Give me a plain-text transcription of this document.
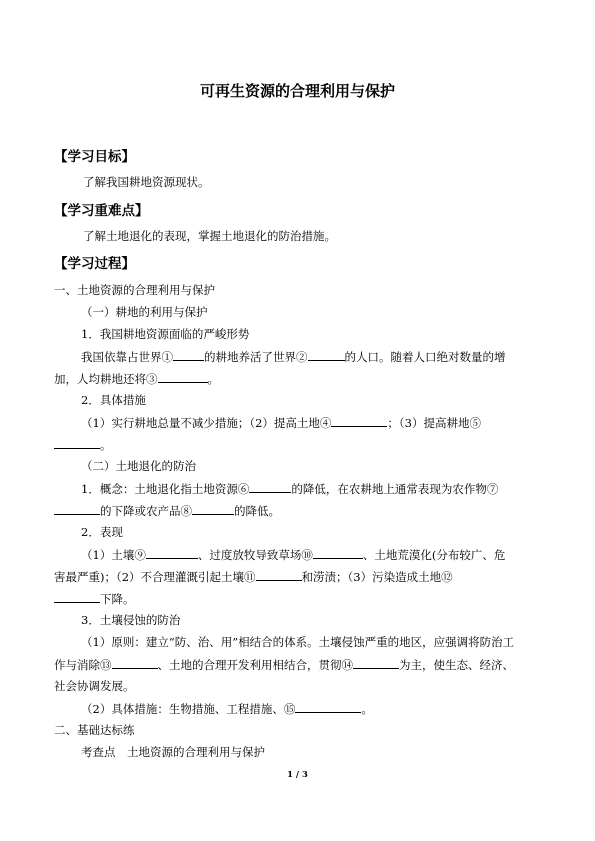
可再生资源的合理利用与保护
【学习目标】
了解我国耕地资源现状。
【学习重难点】
了解土地退化的表现，掌握土地退化的防治措施。
【学习过程】
一、土地资源的合理利用与保护
（一）耕地的利用与保护
1．我国耕地资源面临的严峻形势
我国依靠占世界①	的耕地养活了世界②	的人口。随着人口绝对数量的增
加，人均耕地还将③	。
2．具体措施
（1）实行耕地总量不减少措施；（2）提高土地④	；（3）提高耕地⑤
。
（二）土地退化的防治
1．概念：土地退化指土地资源⑥	的降低，在农耕地上通常表现为农作物⑦
的下降或农产品⑧	的降低。
2．表现
（1）土壤⑨	、过度放牧导致草场⑩	、土地荒漠化(分布较广、危
害最严重)；（2）不合理灌溉引起土壤⑪	和涝渍；（3）污染造成土地⑫
下降。
3．土壤侵蚀的防治
（1）原则：建立“防、治、用”相结合的体系。土壤侵蚀严重的地区，应强调将防治工
作与消除⑬	、土地的合理开发利用相结合，贯彻⑭	为主，使生态、经济、
社会协调发展。
（2）具体措施：生物措施、工程措施、⑮	。
二、基础达标练
考查点　土地资源的合理利用与保护
1 / 3
